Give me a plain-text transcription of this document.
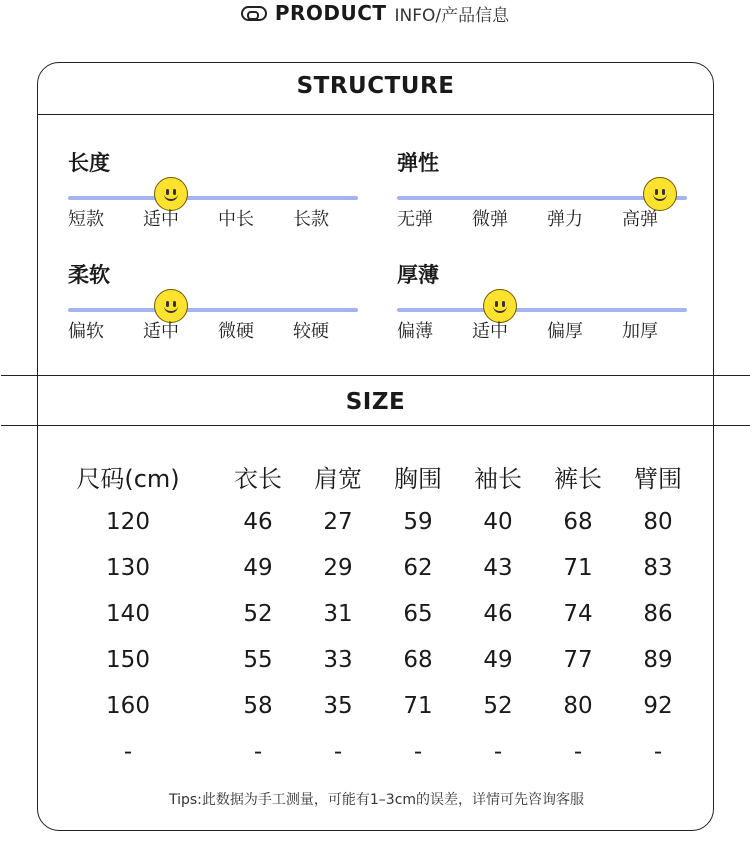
PRODUCT INFO/产品信息
STRUCTURE
长度
短款	适中	中长	长款
弹性
无弹	微弹	弹力	高弹
柔软
偏软	适中	微硬	较硬
厚薄
偏薄	适中	偏厚	加厚
SIZE
尺码(cm)	衣长	肩宽	胸围	袖长	裤长	臂围
120	46	27	59	40	68	80
130	49	29	62	43	71	83
140	52	31	65	46	74	86
150	55	33	68	49	77	89
160	58	35	71	52	80	92
-	-	-	-	-	-	-
Tips:此数据为手工测量，可能有1–3cm的误差，详情可先咨询客服
